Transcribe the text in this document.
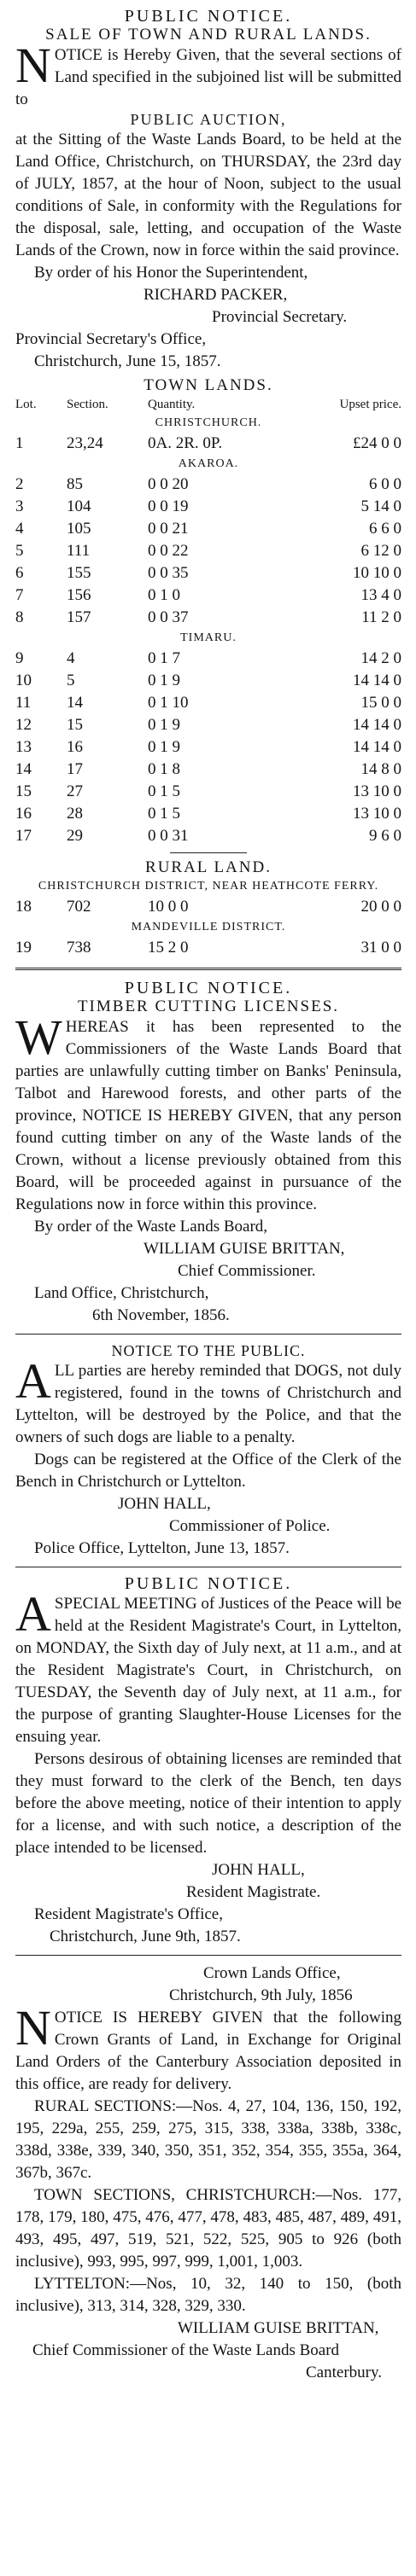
PUBLIC NOTICE.
SALE OF TOWN AND RURAL LANDS.

NOTICE is Hereby Given, that the several sections of Land specified in the subjoined list will be submitted to

PUBLIC AUCTION,

at the Sitting of the Waste Lands Board, to be held at the Land Office, Christchurch, on THURSDAY, the 23rd day of JULY, 1857, at the hour of Noon, subject to the usual conditions of Sale, in conformity with the Regulations for the disposal, sale, letting, and occupation of the Waste Lands of the Crown, now in force within the said province.

By order of his Honor the Superintendent,

RICHARD PACKER,
Provincial Secretary.

Provincial Secretary's Office,

Christchurch, June 15, 1857.

TOWN LANDS.
Lot.	Section.	Quantity.	Upset price.
CHRISTCHURCH.			
1	23,24	0A. 2R. 0P.	£24 0 0
AKAROA.			
2	85	0 0 20	6 0 0
3	104	0 0 19	5 14 0
4	105	0 0 21	6 6 0
5	111	0 0 22	6 12 0
6	155	0 0 35	10 10 0
7	156	0 1 0	13 4 0
8	157	0 0 37	11 2 0
TIMARU.			
9	4	0 1 7	14 2 0
10	5	0 1 9	14 14 0
11	14	0 1 10	15 0 0
12	15	0 1 9	14 14 0
13	16	0 1 9	14 14 0
14	17	0 1 8	14 8 0
15	27	0 1 5	13 10 0
16	28	0 1 5	13 10 0
17	29	0 0 31	9 6 0
RURAL LAND.
CHRISTCHURCH DISTRICT, NEAR HEATHCOTE FERRY.			
18	702	10 0 0	20 0 0
MANDEVILLE DISTRICT.			
19	738	15 2 0	31 0 0
PUBLIC NOTICE.
TIMBER CUTTING LICENSES.

WHEREAS it has been represented to the Commissioners of the Waste Lands Board that parties are unlawfully cutting timber on Banks' Peninsula, Talbot and Harewood forests, and other parts of the province, NOTICE IS HEREBY GIVEN, that any person found cutting timber on any of the Waste lands of the Crown, without a license previously obtained from this Board, will be proceeded against in pursuance of the Regulations now in force within this province.

By order of the Waste Lands Board,

WILLIAM GUISE BRITTAN,
Chief Commissioner.

Land Office, Christchurch,

6th November, 1856.

NOTICE TO THE PUBLIC.

ALL parties are hereby reminded that DOGS, not duly registered, found in the towns of Christchurch and Lyttelton, will be destroyed by the Police, and that the owners of such dogs are liable to a penalty.

Dogs can be registered at the Office of the Clerk of the Bench in Christchurch or Lyttelton.

JOHN HALL,
Commissioner of Police.

Police Office, Lyttelton, June 13, 1857.

PUBLIC NOTICE.

ASPECIAL MEETING of Justices of the Peace will be held at the Resident Magistrate's Court, in Lyttelton, on MONDAY, the Sixth day of July next, at 11 a.m., and at the Resident Magistrate's Court, in Christchurch, on TUESDAY, the Seventh day of July next, at 11 a.m., for the purpose of granting Slaughter-House Licenses for the ensuing year.

Persons desirous of obtaining licenses are reminded that they must forward to the clerk of the Bench, ten days before the above meeting, notice of their intention to apply for a license, and with such notice, a description of the place intended to be licensed.

JOHN HALL,
Resident Magistrate.

Resident Magistrate's Office,

Christchurch, June 9th, 1857.

Crown Lands Office,
Christchurch, 9th July, 1856

NOTICE IS HEREBY GIVEN that the following Crown Grants of Land, in Exchange for Original Land Orders of the Canterbury Association deposited in this office, are ready for delivery.

RURAL SECTIONS:—Nos. 4, 27, 104, 136, 150, 192, 195, 229a, 255, 259, 275, 315, 338, 338a, 338b, 338c, 338d, 338e, 339, 340, 350, 351, 352, 354, 355, 355a, 364, 367b, 367c.

TOWN SECTIONS, CHRISTCHURCH:—Nos. 177, 178, 179, 180, 475, 476, 477, 478, 483, 485, 487, 489, 491, 493, 495, 497, 519, 521, 522, 525, 905 to 926 (both inclusive), 993, 995, 997, 999, 1,001, 1,003.

LYTTELTON:—Nos, 10, 32, 140 to 150, (both inclusive), 313, 314, 328, 329, 330.

WILLIAM GUISE BRITTAN,
Chief Commissioner of the Waste Lands Board
Canterbury.
